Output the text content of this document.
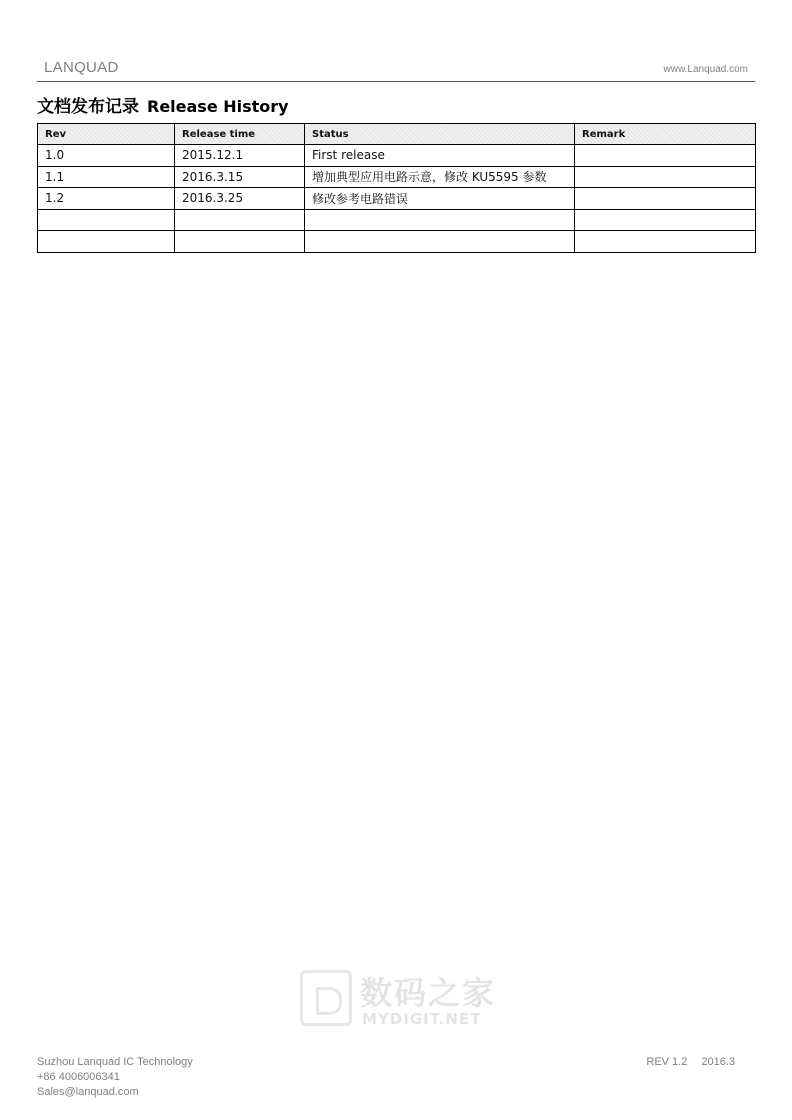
LANQUAD	www.Lanquad.com
文档发布记录 Release History
Rev	Release time	Status	Remark
1.0	2015.12.1	First release	
1.1	2016.3.15	增加典型应用电路示意，修改 KU5595 参数	
1.2	2016.3.25	修改参考电路错误	

数码之家
MYDIGIT.NET
Suzhou Lanquad IC Technology
+86 4006006341
Sales@lanquad.com
REV 1.2 2016.3
